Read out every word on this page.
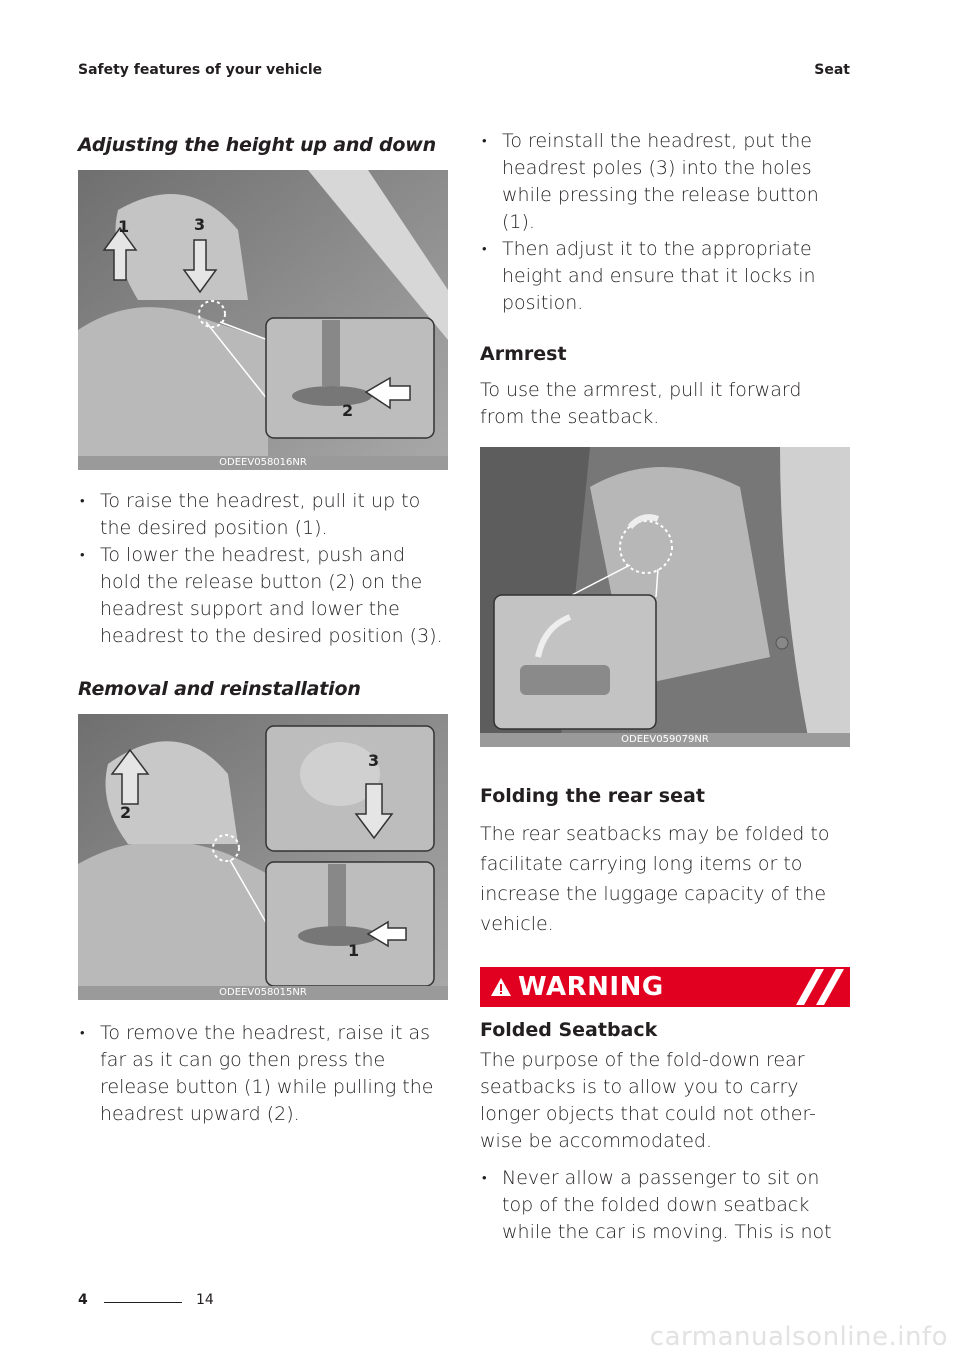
Safety features of your vehicle	Seat
Adjusting the height up and down
1	3
2
ODEEV058016NR
• To raise the headrest, pull it up to the desired position (1).
• To lower the headrest, push and hold the release button (2) on the headrest support and lower the headrest to the desired position (3).
Removal and reinstallation
2
3
1
ODEEV058015NR
• To remove the headrest, raise it as far as it can go then press the release button (1) while pulling the headrest upward (2).
• To reinstall the headrest, put the headrest poles (3) into the holes while pressing the release button (1).
• Then adjust it to the appropriate height and ensure that it locks in position.
Armrest

To use the armrest, pull it forward from the seatback.

ODEEV059079NR
Folding the rear seat

The rear seatbacks may be folded to facilitate carrying long items or to increase the luggage capacity of the vehicle.

WARNING
Folded Seatback

The purpose of the fold-down rear seatbacks is to allow you to carry longer objects that could not other-wise be accommodated.

• Never allow a passenger to sit on top of the folded down seatback while the car is moving. This is not
4	14
carmanualsonline.info
